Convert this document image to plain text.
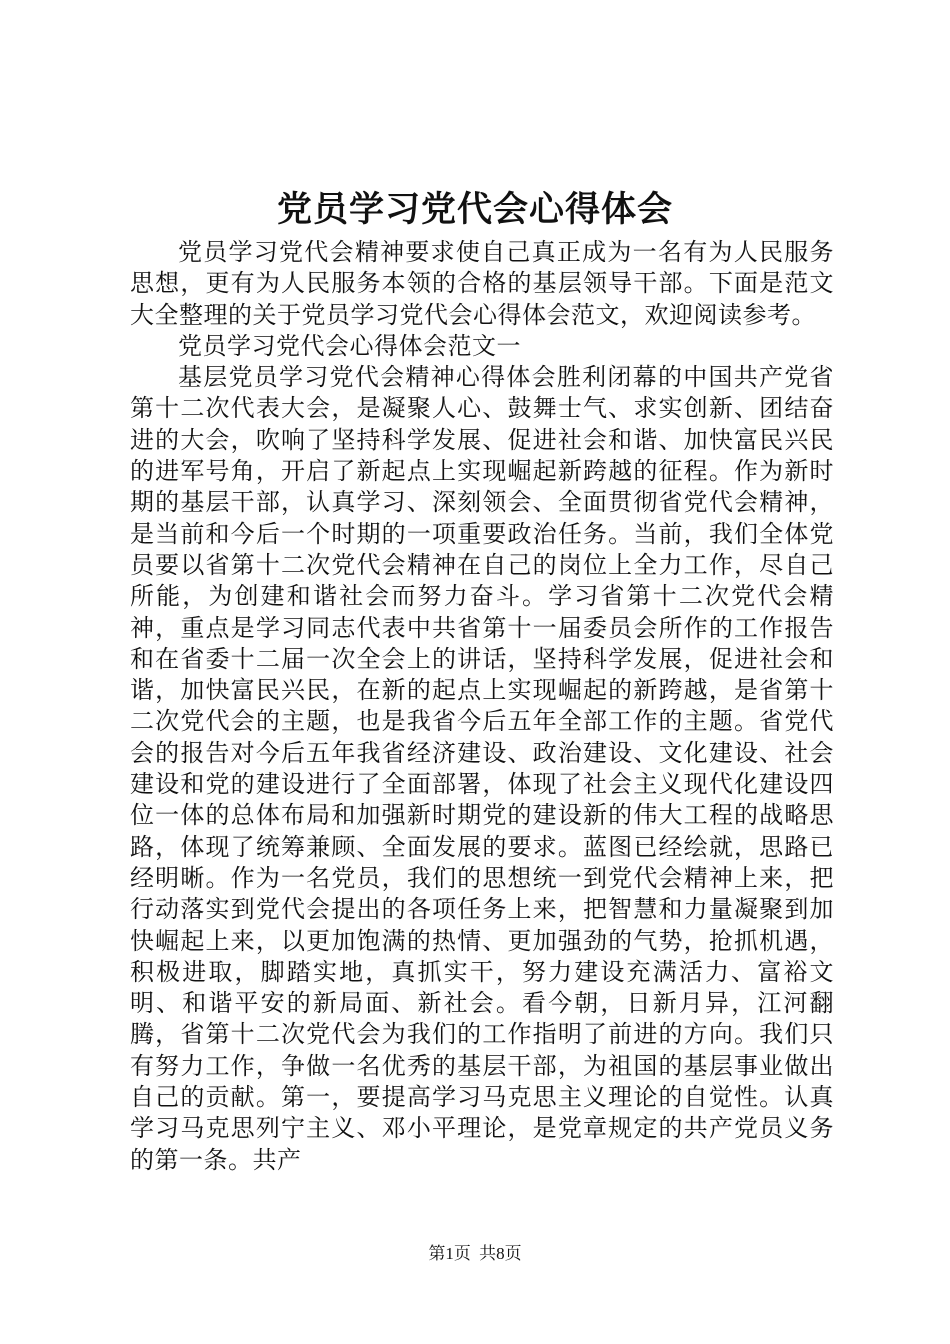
党员学习党代会心得体会

党员学习党代会精神要求使自己真正成为一名有为人民服务思想，更有为人民服务本领的合格的基层领导干部。下面是范文大全整理的关于党员学习党代会心得体会范文，欢迎阅读参考。

党员学习党代会心得体会范文一

基层党员学习党代会精神心得体会胜利闭幕的中国共产党省第十二次代表大会，是凝聚人心、鼓舞士气、求实创新、团结奋进的大会，吹响了坚持科学发展、促进社会和谐、加快富民兴民的进军号角，开启了新起点上实现崛起新跨越的征程。作为新时期的基层干部，认真学习、深刻领会、全面贯彻省党代会精神，是当前和今后一个时期的一项重要政治任务。当前，我们全体党员要以省第十二次党代会精神在自己的岗位上全力工作，尽自己所能，为创建和谐社会而努力奋斗。学习省第十二次党代会精神，重点是学习同志代表中共省第十一届委员会所作的工作报告和在省委十二届一次全会上的讲话，坚持科学发展，促进社会和谐，加快富民兴民，在新的起点上实现崛起的新跨越，是省第十二次党代会的主题，也是我省今后五年全部工作的主题。省党代会的报告对今后五年我省经济建设、政治建设、文化建设、社会建设和党的建设进行了全面部署，体现了社会主义现代化建设四位一体的总体布局和加强新时期党的建设新的伟大工程的战略思路，体现了统筹兼顾、全面发展的要求。蓝图已经绘就，思路已经明晰。作为一名党员，我们的思想统一到党代会精神上来，把行动落实到党代会提出的各项任务上来，把智慧和力量凝聚到加快崛起上来，以更加饱满的热情、更加强劲的气势，抢抓机遇，积极进取，脚踏实地，真抓实干，努力建设充满活力、富裕文明、和谐平安的新局面、新社会。看今朝，日新月异，江河翻腾，省第十二次党代会为我们的工作指明了前进的方向。我们只有努力工作，争做一名优秀的基层干部，为祖国的基层事业做出自己的贡献。第一，要提高学习马克思主义理论的自觉性。认真学习马克思列宁主义、邓小平理论，是党章规定的共产党员义务的第一条。共产

第1页 共8页
